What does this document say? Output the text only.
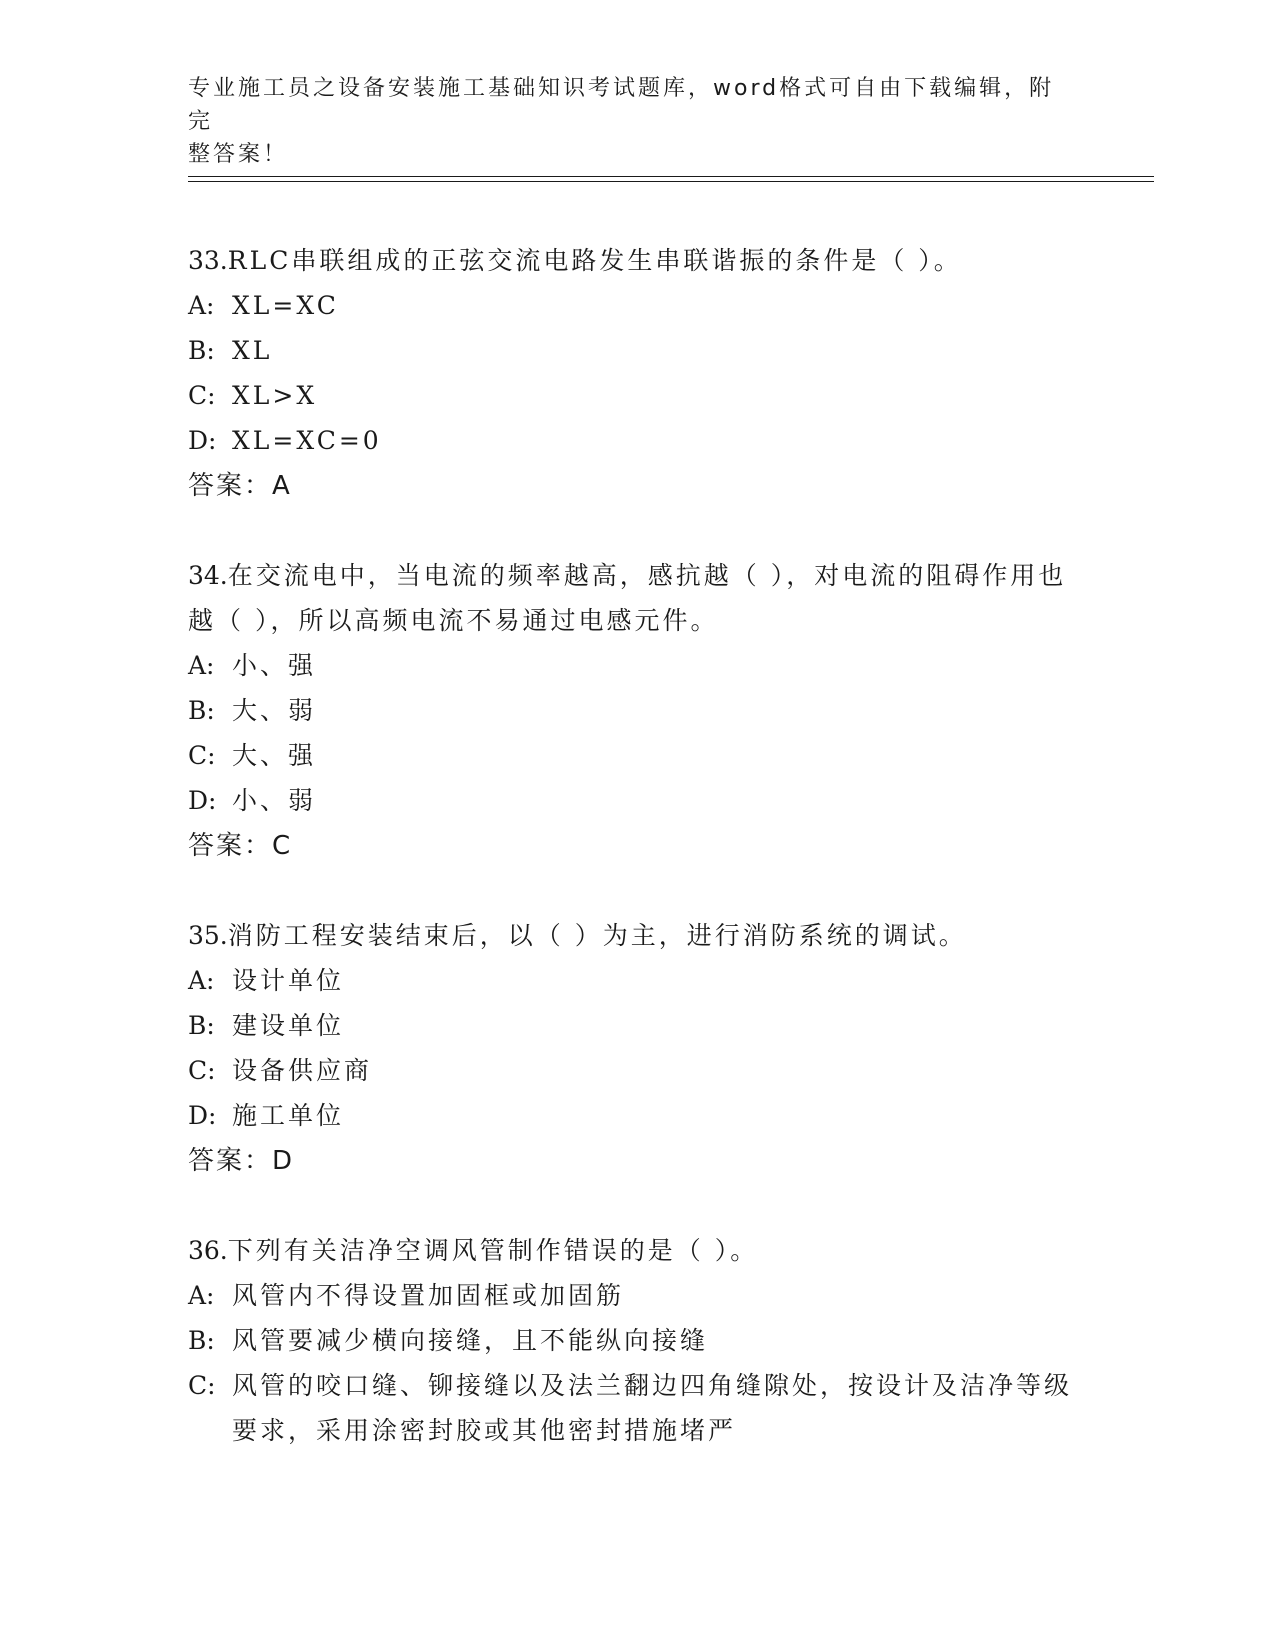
专业施工员之设备安装施工基础知识考试题库，word格式可自由下载编辑，附完
整答案！

33.RLC串联组成的正弦交流电路发生串联谐振的条件是（ ）。

A: XL=XC
B: XL
C: XL>X
D: XL=XC=0
答案：A

34.在交流电中，当电流的频率越高，感抗越（ ），对电流的阻碍作用也越（ ），所以高频电流不易通过电感元件。

A: 小、强
B: 大、弱
C: 大、强
D: 小、弱
答案：C

35.消防工程安装结束后，以（ ）为主，进行消防系统的调试。

A: 设计单位
B: 建设单位
C: 设备供应商
D: 施工单位
答案：D

36.下列有关洁净空调风管制作错误的是（ ）。

A: 风管内不得设置加固框或加固筋
B: 风管要减少横向接缝，且不能纵向接缝
C: 风管的咬口缝、铆接缝以及法兰翻边四角缝隙处，按设计及洁净等级要求，采用涂密封胶或其他密封措施堵严
